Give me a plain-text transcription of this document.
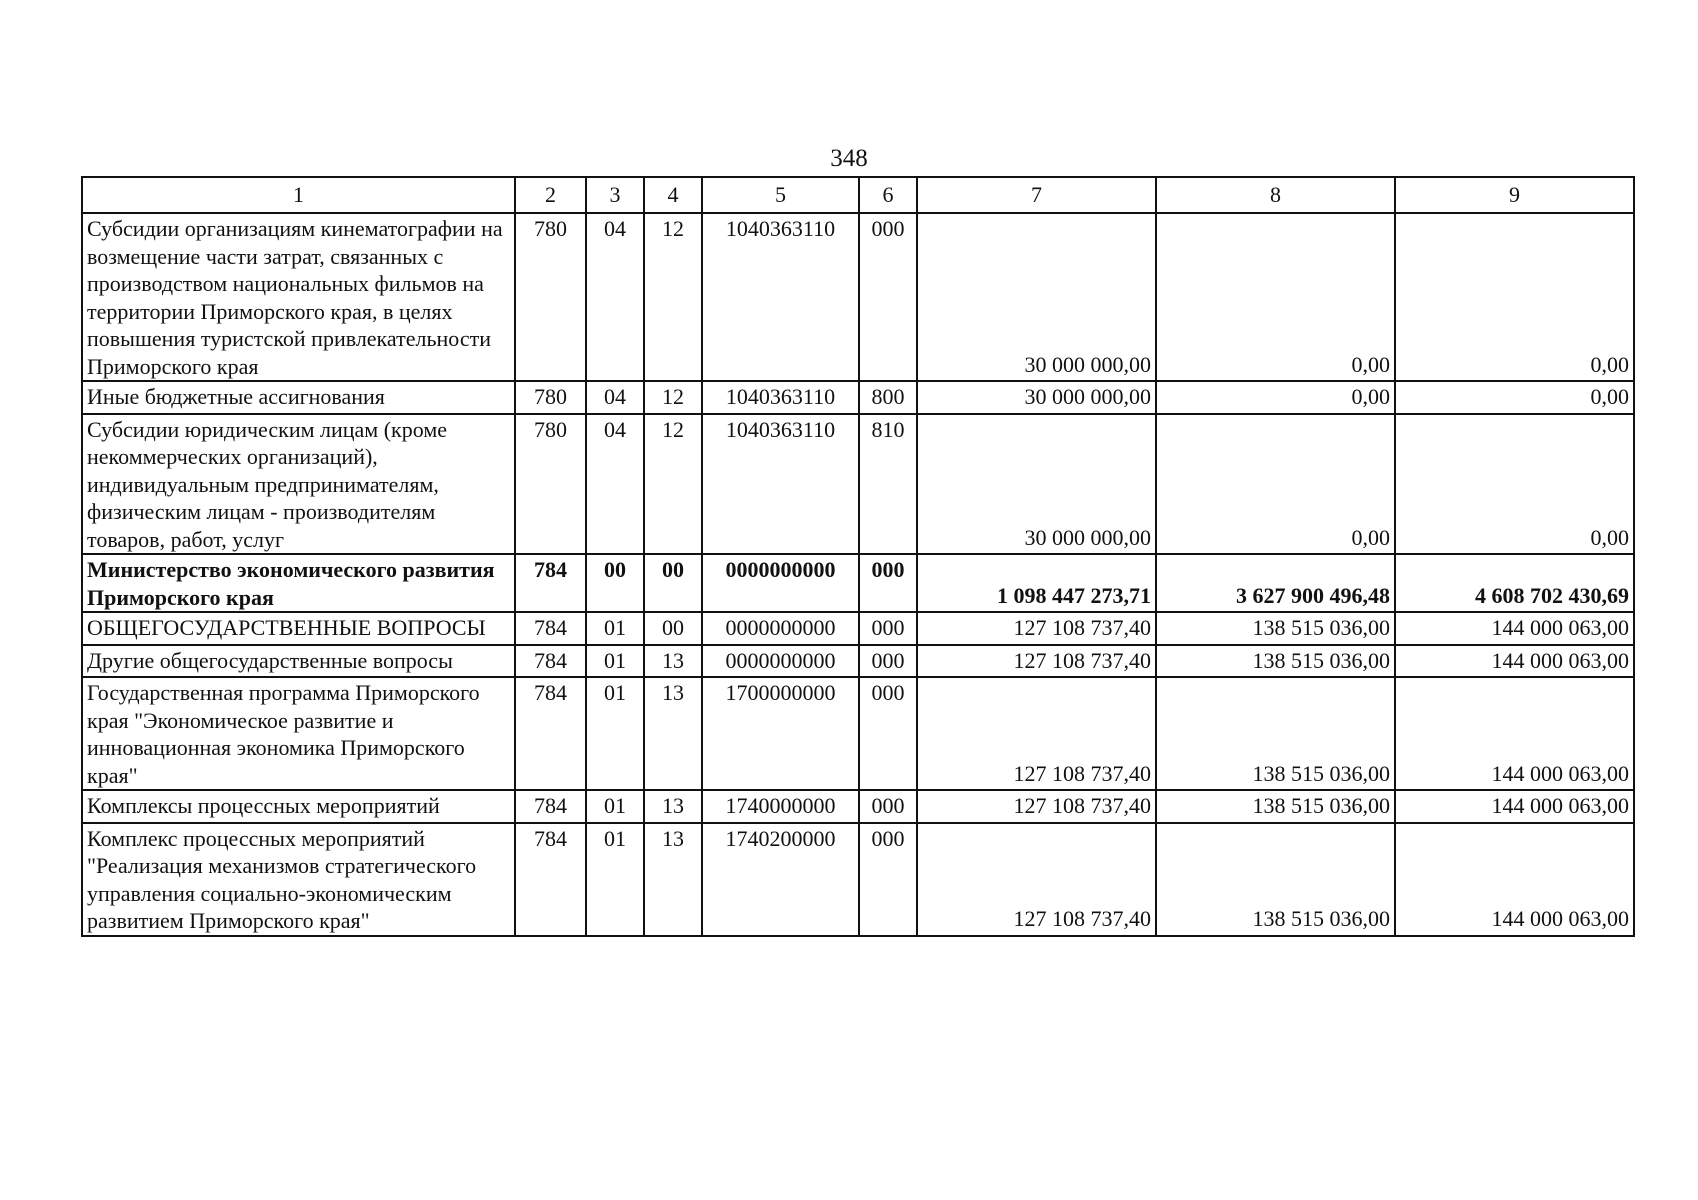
348
1	2	3	4	5	6	7	8	9
Субсидии организациям кинематографии на возмещение части затрат, связанных с производством национальных фильмов на территории Приморского края, в целях повышения туристской привлекательности Приморского края	780	04	12	1040363110	000	30 000 000,00	0,00	0,00
Иные бюджетные ассигнования	780	04	12	1040363110	800	30 000 000,00	0,00	0,00
Субсидии юридическим лицам (кроме некоммерческих организаций), индивидуальным предпринимателям, физическим лицам - производителям товаров, работ, услуг	780	04	12	1040363110	810	30 000 000,00	0,00	0,00
Министерство экономического развития Приморского края	784	00	00	0000000000	000	1 098 447 273,71	3 627 900 496,48	4 608 702 430,69
ОБЩЕГОСУДАРСТВЕННЫЕ ВОПРОСЫ	784	01	00	0000000000	000	127 108 737,40	138 515 036,00	144 000 063,00
Другие общегосударственные вопросы	784	01	13	0000000000	000	127 108 737,40	138 515 036,00	144 000 063,00
Государственная программа Приморского края "Экономическое развитие и инновационная экономика Приморского края"	784	01	13	1700000000	000	127 108 737,40	138 515 036,00	144 000 063,00
Комплексы процессных мероприятий	784	01	13	1740000000	000	127 108 737,40	138 515 036,00	144 000 063,00
Комплекс процессных мероприятий "Реализация механизмов стратегического управления социально-экономическим развитием Приморского края"	784	01	13	1740200000	000	127 108 737,40	138 515 036,00	144 000 063,00
